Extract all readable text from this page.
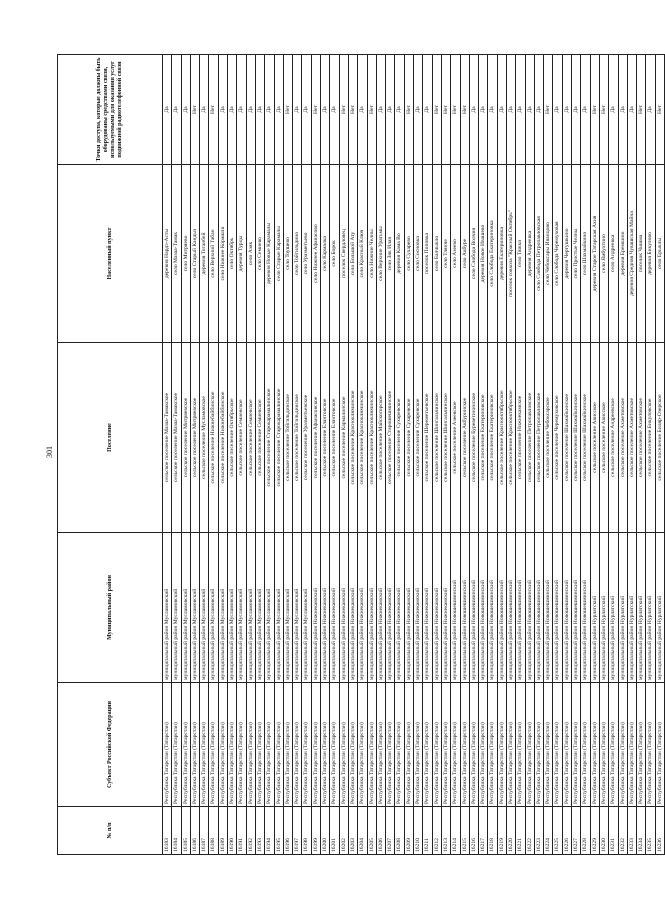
301
№ п/п	Субъект Российской Федерации	Муниципальный район	Поселение	Населенный пункт	Точки доступа, которые должны быть оборудованы средствами связи, используемыми для оказания услуг подвижной радиотелефонной связи
16183	Республика Татарстан (Татарстан)	муниципальный район Мусламовский	сельское поселение Мазаа-Тамакское	деревня Нардэ-Асты	Да
16184	Республика Татарстан (Татарстан)	муниципальный район Мусламовский	сельское поселение Мазаа-Тамакское	село Мазаа-Тамак	Да
16185	Республика Татарстан (Татарстан)	муниципальный район Мусламовский	сельское поселение Митряевское	село Митряево	Да
16186	Республика Татарстан (Татарстан)	муниципальный район Мусламовский	сельское поселение Митряевское	село Старый Кандыз	Нет
16187	Республика Татарстан (Татарстан)	муниципальный район Мусламовский	сельское поселение Мусламовское	деревня Тоганбей	Да
16188	Республика Татарстан (Татарстан)	муниципальный район Мусламовский	сельское поселение Нижнебайбинское	село Верхний Табан	Нет
16189	Республика Татарстан (Татарстан)	муниципальный район Мусламовский	сельское поселение Нижнебайбинское	село Нижнее Корашли	Да
16190	Республика Татарстан (Татарстан)	муниципальный район Мусламовский	сельское поселение Октябрьское	село Октябрь	Да
16191	Республика Татарстан (Татарстан)	муниципальный район Мусламовский	сельское поселение Семиевское	деревня Турцы	Да
16192	Республика Татарстан (Татарстан)	муниципальный район Мусламовский	сельское поселение Семиевское	село Азяк	Да
16193	Республика Татарстан (Татарстан)	муниципальный район Мусламовский	сельское поселение Семиевское	село Семиево	Да
16194	Республика Татарстан (Татарстан)	муниципальный район Мусламовский	сельское поселение Старокарамалинское	деревня Новые Карамалы	Да
16195	Республика Татарстан (Татарстан)	муниципальный район Мусламовский	сельское поселение Старокарамалинское	село Старые Карамалы	Да
16196	Республика Татарстан (Татарстан)	муниципальный район Мусламовский	сельское поселение Тойгильдинское	село Тоушево	Нет
16197	Республика Татарстан (Татарстан)	муниципальный район Мусламовский	сельское поселение Тойгильдинское	село Тойгильдино	Да
16198	Республика Татарстан (Татарстан)	муниципальный район Мусламовский	сельское поселение Уразметьевское	село Уразметьево	Да
16199	Республика Татарстан (Татарстан)	муниципальный район Нижнекамский	сельское поселение Афанасовское	село Нижнее Афанасово	Нет
16200	Республика Татарстан (Татарстан)	муниципальный район Нижнекамский	сельское поселение Елантовское	село Кармалка	Да
16201	Республика Татарстан (Татарстан)	муниципальный район Нижнекамский	сельское поселение Елантовское	село Борок	Да
16202	Республика Татарстан (Татарстан)	муниципальный район Нижнекамский	сельское поселение Кармалинское	поселок Свердловец	Нет
16203	Республика Татарстан (Татарстан)	муниципальный район Нижнекамский	сельское поселение Красноключинское	село Большой Ату	Нет
16204	Республика Татарстан (Татарстан)	муниципальный район Нижнекамский	сельское поселение Красноключинское	село Красный Ключ	Да
16205	Республика Татарстан (Татарстан)	муниципальный район Нижнекамский	сельское поселение Красноключинское	село Нижние Челны	Нет
16206	Республика Татарстан (Татарстан)	муниципальный район Нижнекамский	сельское поселение Майскогорское	село Верхние Уратьмы	Да
16207	Республика Татарстан (Татарстан)	муниципальный район Нижнекамский	сельское поселение Старошешминское	село Зяк Илан	Да
16208	Республика Татарстан (Татарстан)	муниципальный район Нижнекамский	сельское поселение Сухаревское	деревня Кама Во	Да
16209	Республика Татарстан (Татарстан)	муниципальный район Нижнекамский	сельское поселение Сухаревское	село Сухарево	Нет
16210	Республика Татарстан (Татарстан)	муниципальный район Нижнекамский	сельское поселение Сухаревское	село Сосновка	Да
16211	Республика Татарстан (Татарстан)	муниципальный район Нижнекамский	сельское поселение Шереметьевское	поселок Поповка	Да
16212	Республика Татарстан (Татарстан)	муниципальный район Нижнекамский	сельское поселение Шингальчинское	село Балчыкло	Нет
16213	Республика Татарстан (Татарстан)	муниципальный район Нижнекамский	сельское поселение Шингальчинское	село Тлянче	Нет
16214	Республика Татарстан (Татарстан)	муниципальный район Новошешминский	сельское поселение Азеевское	село Азеево	Нет
16215	Республика Татарстан (Татарстан)	муниципальный район Новошешминский	сельское поселение Акбуринское	село Акбуре	Нет
16216	Республика Татарстан (Татарстан)	муниципальный район Новошешминский	сельское поселение Буреветининское	село Слобода Волчия	Да
16217	Республика Татарстан (Татарстан)	муниципальный район Новошешминский	сельское поселение Екатериновское	деревня Новое Ивашево	Да
16218	Республика Татарстан (Татарстан)	муниципальный район Новошешминский	сельское поселение Екатериновское	село Слобода Екатериновка	Да
16219	Республика Татарстан (Татарстан)	муниципальный район Новошешминский	сельское поселение Краснооктябрьское	деревня Екатериновка	Да
16220	Республика Татарстан (Татарстан)	муниципальный район Новошешминский	сельское поселение Краснооктябрьское	поселок совхоза "Красный Октябрь"	Да
16221	Республика Татарстан (Татарстан)	муниципальный район Новошешминский	сельское поселение Нижнекамское	село Тяжки	Да
16222	Республика Татарстан (Татарстан)	муниципальный район Новошешминский	сельское поселение Петропавловское	деревня Андреевка	Да
16223	Республика Татарстан (Татарстан)	муниципальный район Новошешминский	сельское поселение Петропавловское	село Слобода Петропавловская	Да
16224	Республика Татарстан (Татарстан)	муниципальный район Новошешминский	сельское поселение Чебоксарское	село Чебоксары Иванцово	Нет
16225	Республика Татарстан (Татарстан)	муниципальный район Новошешминский	сельское поселение Черемуховское	село Слобода Черемуховая	Да
16226	Республика Татарстан (Татарстан)	муниципальный район Новошешминский	сельское поселение Шахмайкинское	деревня Чертушкино	Да
16227	Республика Татарстан (Татарстан)	муниципальный район Новошешминский	сельское поселение Шахмайкинское	село Простые Челны	Да
16228	Республика Татарстан (Татарстан)	муниципальный район Новошешминский	сельское поселение Шахмайкинское	село Шахмайкино	Да
16229	Республика Татарстан (Татарстан)	муниципальный район Нурлатский	сельское поселение Ависское	деревня Старое Татарская Ахия	Нет
16230	Республика Татарстан (Татарстан)	муниципальный район Нурлатский	сельское поселение Ависское	село Ямбухтино	Нет
16231	Республика Татарстан (Татарстан)	муниципальный район Нурлатский	сельское поселение Андреевское	село Андреевка	Да
16232	Республика Татарстан (Татарстан)	муниципальный район Нурлатский	сельское поселение Ахметовское	деревня Еремкино	Да
16233	Республика Татарстан (Татарстан)	муниципальный район Нурлатский	сельское поселение Ахметовское	деревня Средняя Чувашская Майна	Да
16234	Республика Татарстан (Татарстан)	муниципальный район Нурлатский	сельское поселение Ахметовское	поселок Чишма	Нет
16235	Республика Татарстан (Татарстан)	муниципальный район Нурлатский	сельское поселение Бикуловское	деревня Бикулово	Да
16236	Республика Татарстан (Татарстан)	муниципальный район Нурлатский	сельское поселение Биляр-Озерское	село Ерыклы	Нет
